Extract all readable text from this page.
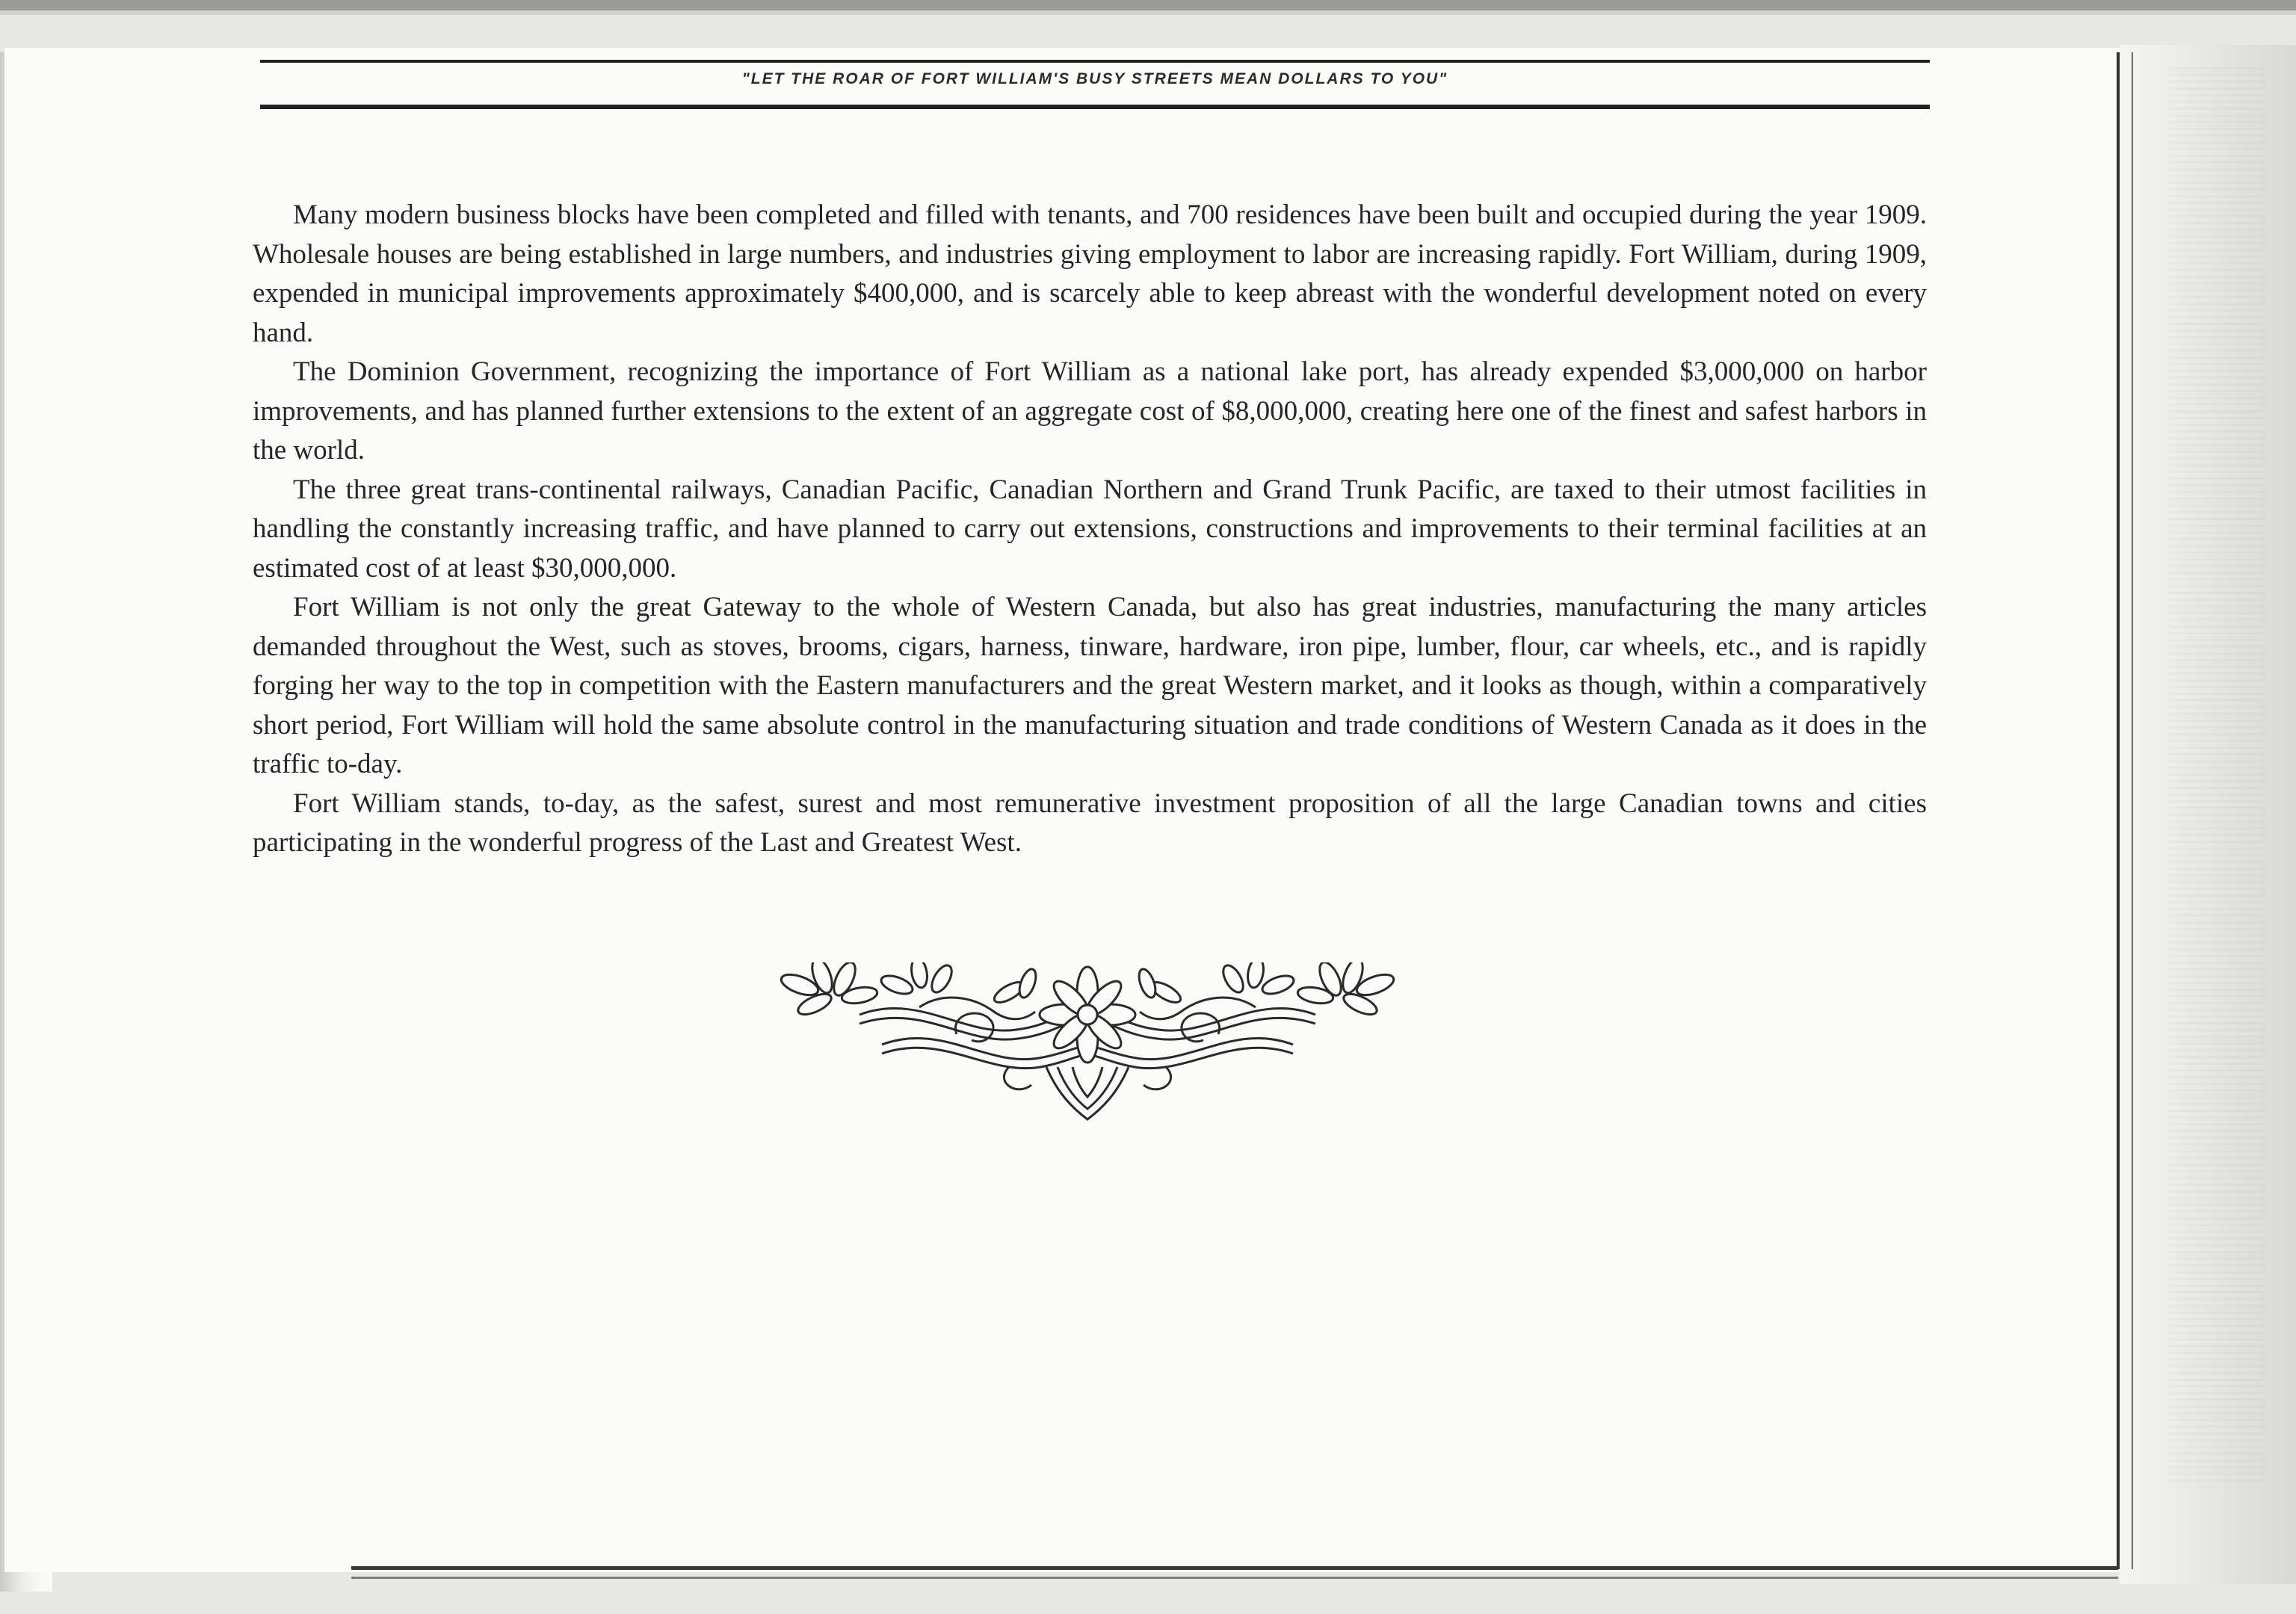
"LET THE ROAR OF FORT WILLIAM'S BUSY STREETS MEAN DOLLARS TO YOU"

Many modern business blocks have been completed and filled with tenants, and 700 residences have been built and occupied during the year 1909. Wholesale houses are being established in large numbers, and industries giving employment to labor are increasing rapidly. Fort William, during 1909, expended in municipal improvements approximately $400,000, and is scarcely able to keep abreast with the wonderful development noted on every hand.

The Dominion Government, recognizing the importance of Fort William as a national lake port, has already expended $3,000,000 on harbor improvements, and has planned further extensions to the extent of an aggregate cost of $8,000,000, creating here one of the finest and safest harbors in the world.

The three great trans-continental railways, Canadian Pacific, Canadian Northern and Grand Trunk Pacific, are taxed to their utmost facilities in handling the constantly increasing traffic, and have planned to carry out extensions, constructions and improvements to their terminal facilities at an estimated cost of at least $30,000,000.

Fort William is not only the great Gateway to the whole of Western Canada, but also has great industries, manufacturing the many articles demanded throughout the West, such as stoves, brooms, cigars, harness, tinware, hardware, iron pipe, lumber, flour, car wheels, etc., and is rapidly forging her way to the top in competition with the Eastern manufacturers and the great Western market, and it looks as though, within a comparatively short period, Fort William will hold the same absolute control in the manufacturing situation and trade conditions of Western Canada as it does in the traffic to-day.

Fort William stands, to-day, as the safest, surest and most remunerative investment proposition of all the large Canadian towns and cities participating in the wonderful progress of the Last and Greatest West.
